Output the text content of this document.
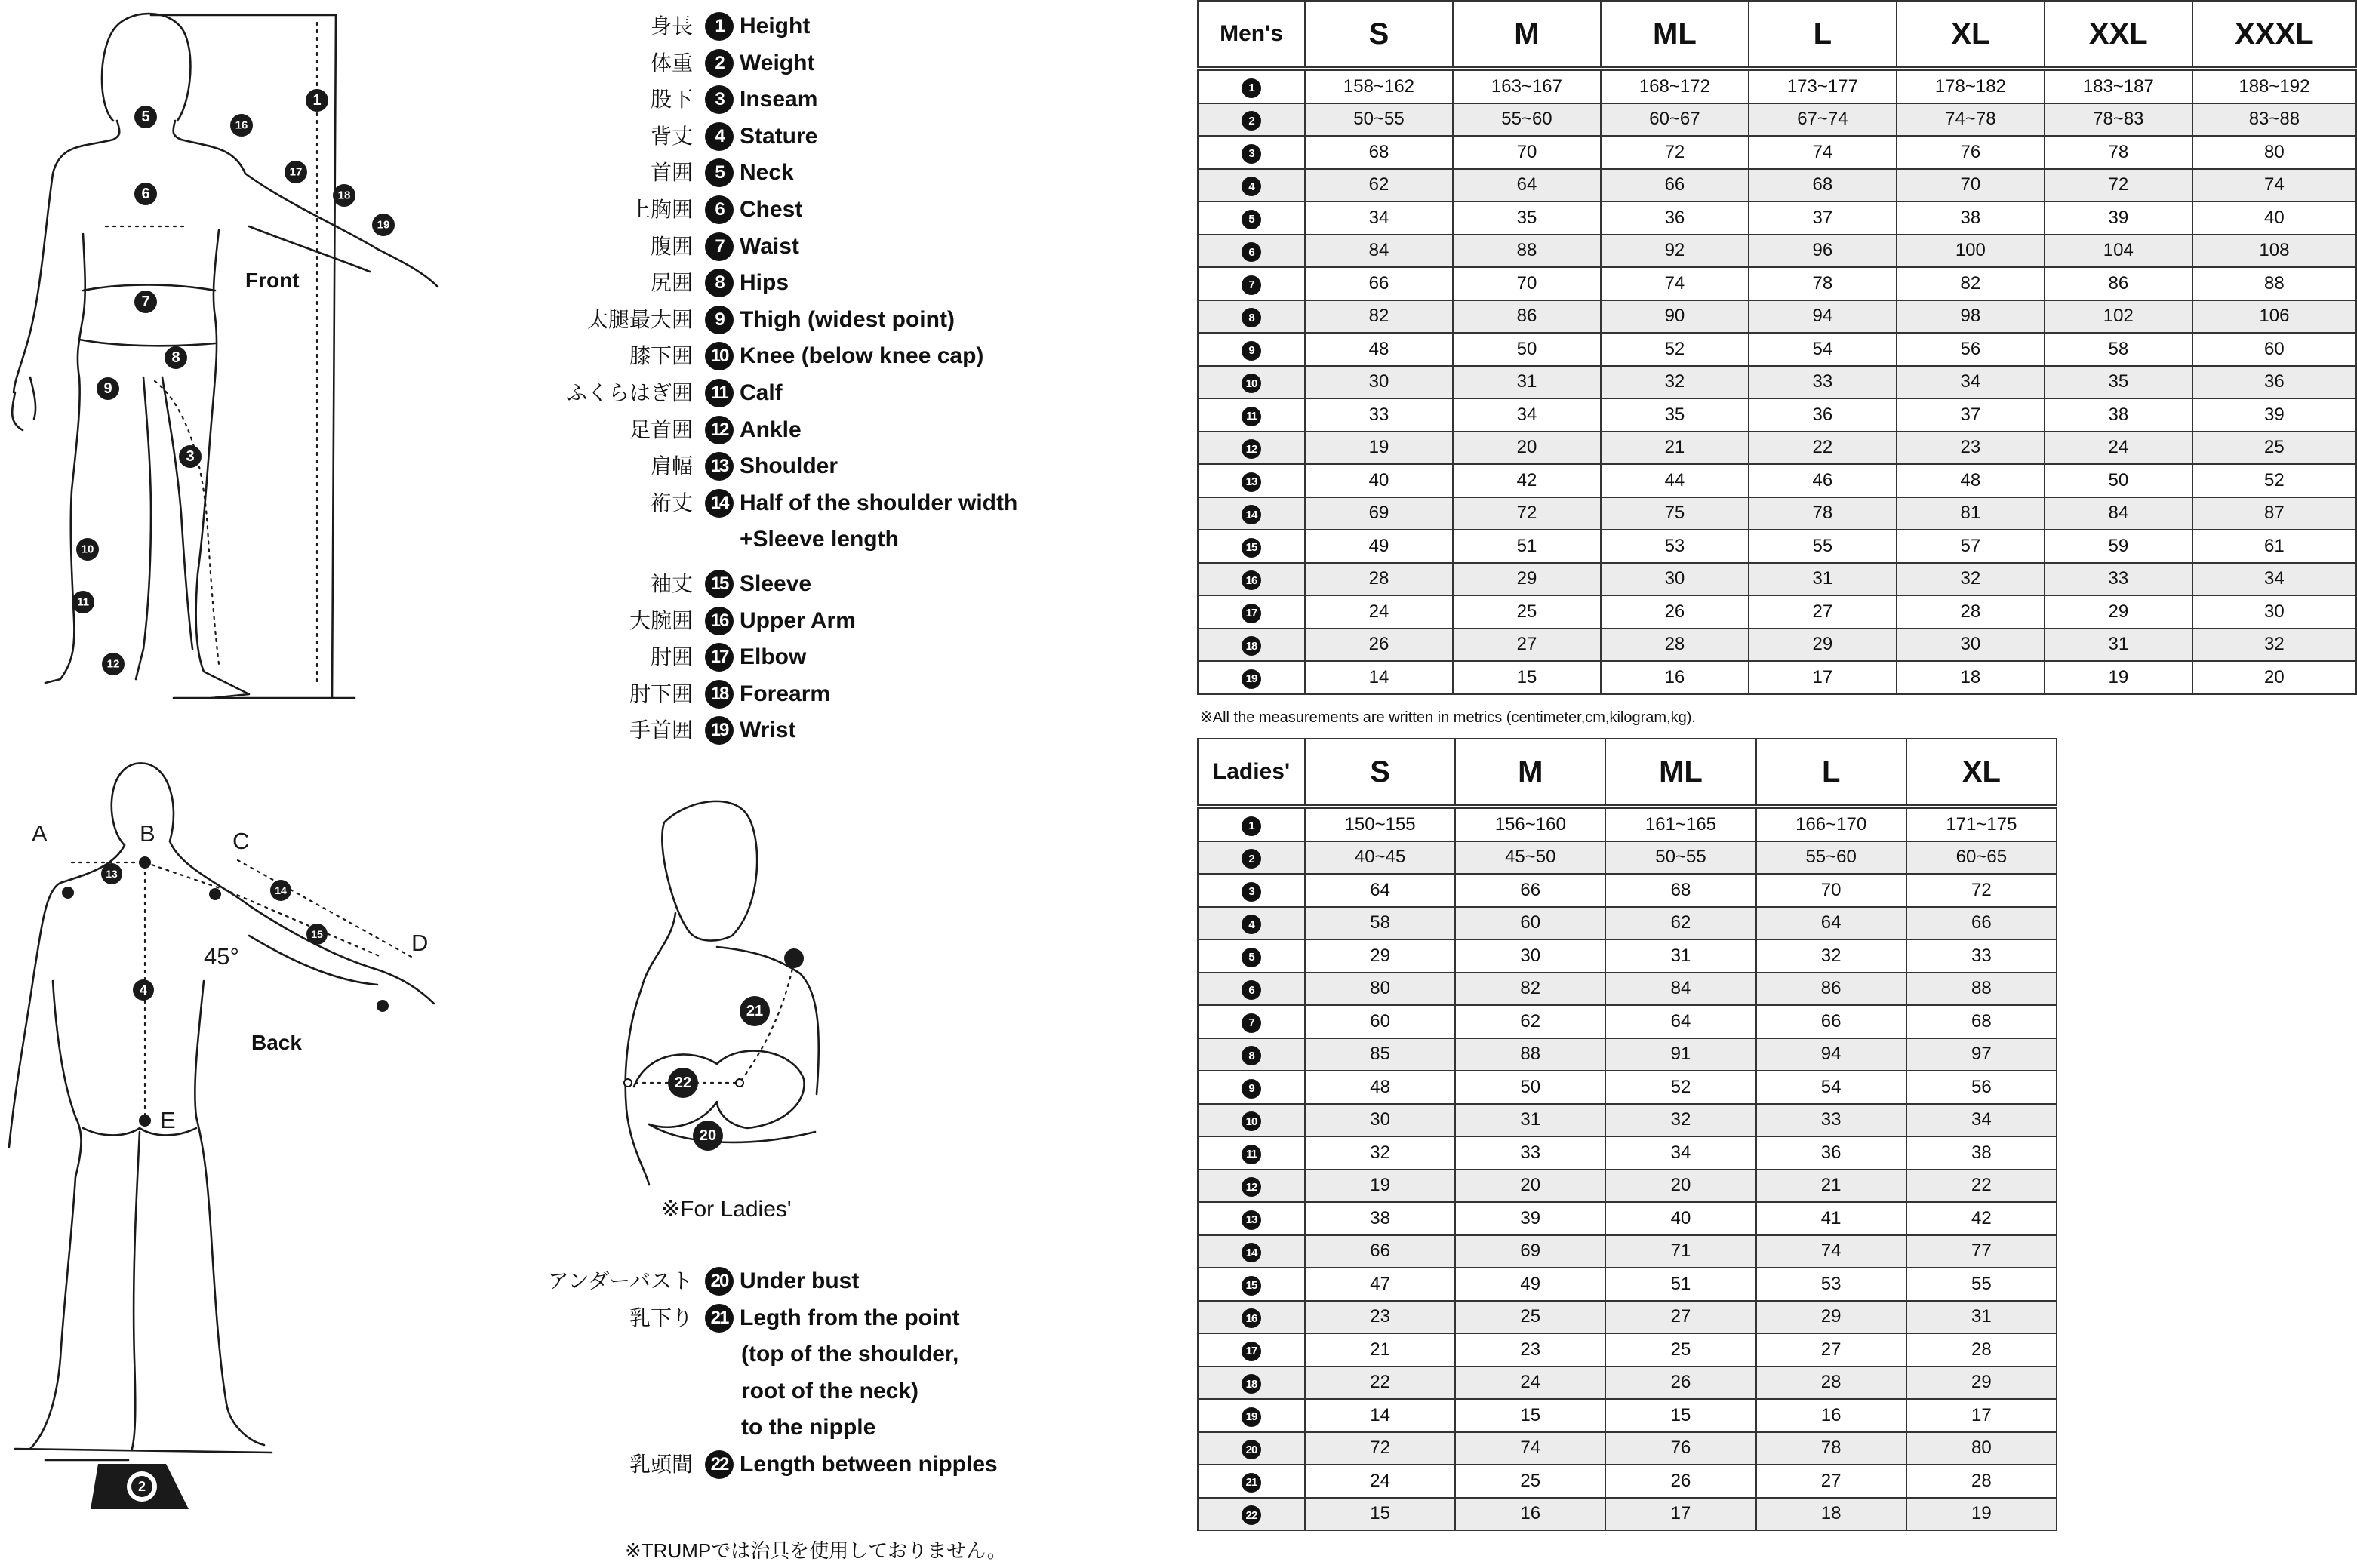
1
5
6
7
8
9
3
10
11
12
16
17
18
19
Front
2
A	B	C
D
E
45°
13
14
15
4
Back
21
22
20
※For Ladies'
身長	1 Height
体重	2 Weight
股下	3 Inseam
背丈	4 Stature
首囲	5 Neck
上胸囲	6 Chest
腹囲	7 Waist
尻囲	8 Hips
太腿最大囲	9 Thigh (widest point)
膝下囲 10 Knee (below knee cap)
ふくらはぎ囲	11 Calf
足首囲 12 Ankle
肩幅 13 Shoulder
裄丈 14 Half of the shoulder width
+Sleeve length
袖丈 15 Sleeve
大腕囲 16 Upper Arm
肘囲 17 Elbow
肘下囲 18 Forearm
手首囲 19 Wrist
アンダーバスト 20 Under bust
乳下り 21 Legth from the point
(top of the shoulder,
root of the neck)
to the nipple
乳頭間 22 Length between nipples
※TRUMPでは治具を使用しておりません。
Men's	S	M	ML	L	XL	XXL	XXXL

1	158~162	163~167	168~172	173~177	178~182	183~187	188~192
2	50~55	55~60	60~67	67~74	74~78	78~83	83~88
3	68	70	72	74	76	78	80
4	62	64	66	68	70	72	74
5	34	35	36	37	38	39	40
6	84	88	92	96	100	104	108
7	66	70	74	78	82	86	88
8	82	86	90	94	98	102	106
9	48	50	52	54	56	58	60
10	30	31	32	33	34	35	36
11	33	34	35	36	37	38	39
12	19	20	21	22	23	24	25
13	40	42	44	46	48	50	52
14	69	72	75	78	81	84	87
15	49	51	53	55	57	59	61
16	28	29	30	31	32	33	34
17	24	25	26	27	28	29	30
18	26	27	28	29	30	31	32
19	14	15	16	17	18	19	20
※All the measurements are written in metrics (centimeter,cm,kilogram,kg).
Ladies'	S	M	ML	L	XL

1	150~155	156~160	161~165	166~170	171~175
2	40~45	45~50	50~55	55~60	60~65
3	64	66	68	70	72
4	58	60	62	64	66
5	29	30	31	32	33
6	80	82	84	86	88
7	60	62	64	66	68
8	85	88	91	94	97
9	48	50	52	54	56
10	30	31	32	33	34
11	32	33	34	36	38
12	19	20	20	21	22
13	38	39	40	41	42
14	66	69	71	74	77
15	47	49	51	53	55
16	23	25	27	29	31
17	21	23	25	27	28
18	22	24	26	28	29
19	14	15	15	16	17
20	72	74	76	78	80
21	24	25	26	27	28
22	15	16	17	18	19
